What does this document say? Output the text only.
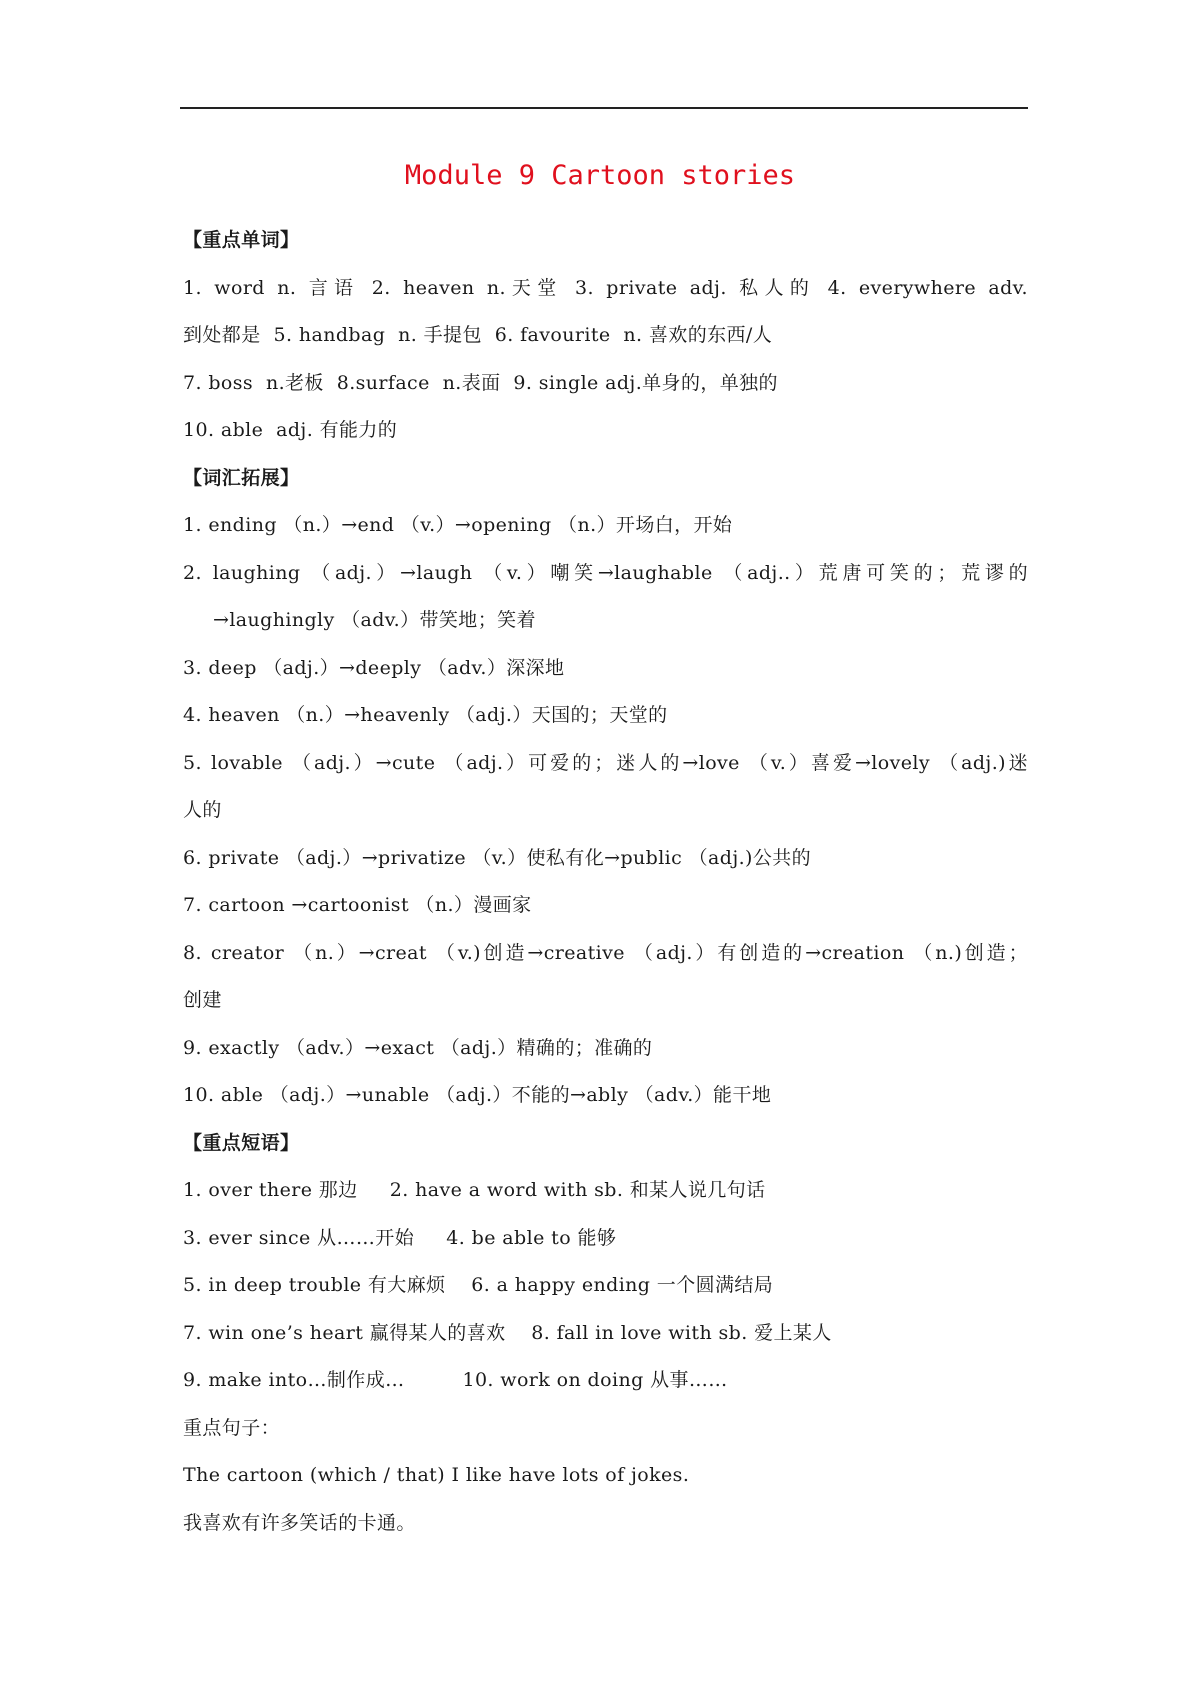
Module 9 Cartoon stories
【重点单词】
1. word n. 言语 2. heaven n.天堂 3. private adj. 私人的 4. everywhere adv.
到处都是  5. handbag  n. 手提包  6. favourite  n. 喜欢的东西/人
7. boss  n.老板  8.surface  n.表面  9. single adj.单身的，单独的
10. able  adj. 有能力的
【词汇拓展】
1. ending （n.）→end （v.）→opening （n.）开场白，开始
2. laughing （adj.）→laugh （v.）嘲笑→laughable （adj..）荒唐可笑的；荒谬的
→laughingly （adv.）带笑地；笑着
3. deep （adj.）→deeply （adv.）深深地
4. heaven （n.）→heavenly （adj.）天国的；天堂的
5. lovable （adj.）→cute （adj.）可爱的；迷人的→love （v.）喜爱→lovely （adj.)迷
人的
6. private （adj.）→privatize （v.）使私有化→public （adj.)公共的
7. cartoon →cartoonist （n.）漫画家
8. creator （n.）→creat （v.)创造→creative （adj.）有创造的→creation （n.)创造；
创建
9. exactly （adv.）→exact （adj.）精确的；准确的
10. able （adj.）→unable （adj.）不能的→ably （adv.）能干地
【重点短语】
1. over there 那边     2. have a word with sb. 和某人说几句话
3. ever since 从……开始     4. be able to 能够
5. in deep trouble 有大麻烦    6. a happy ending 一个圆满结局
7. win one’s heart 赢得某人的喜欢    8. fall in love with sb. 爱上某人
9. make into…制作成…         10. work on doing 从事……
重点句子：
The cartoon (which / that) I like have lots of jokes.
我喜欢有许多笑话的卡通。
